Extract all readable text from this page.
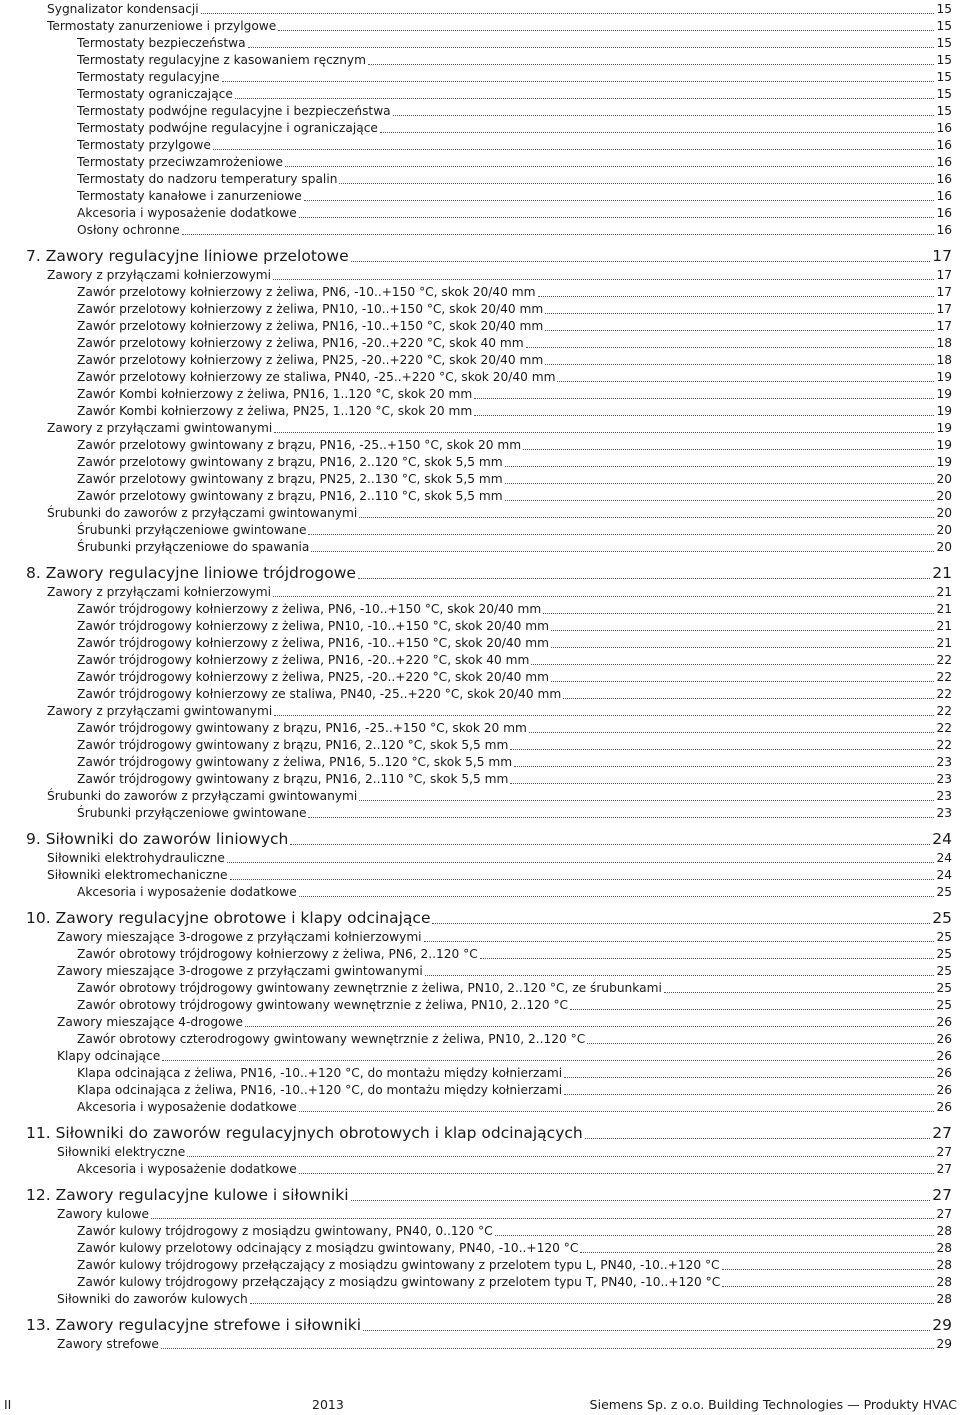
Sygnalizator kondensacji	15
Termostaty zanurzeniowe i przylgowe	15
Termostaty bezpieczeństwa	15
Termostaty regulacyjne z kasowaniem ręcznym	15
Termostaty regulacyjne	15
Termostaty ograniczające	15
Termostaty podwójne regulacyjne i bezpieczeństwa	15
Termostaty podwójne regulacyjne i ograniczające	16
Termostaty przylgowe	16
Termostaty przeciwzamrożeniowe	16
Termostaty do nadzoru temperatury spalin	16
Termostaty kanałowe i zanurzeniowe	16
Akcesoria i wyposażenie dodatkowe	16
Osłony ochronne	16
7. Zawory regulacyjne liniowe przelotowe	17
Zawory z przyłączami kołnierzowymi	17
Zawór przelotowy kołnierzowy z żeliwa, PN6, -10..+150 °C, skok 20/40 mm	17
Zawór przelotowy kołnierzowy z żeliwa, PN10, -10..+150 °C, skok 20/40 mm	17
Zawór przelotowy kołnierzowy z żeliwa, PN16, -10..+150 °C, skok 20/40 mm	17
Zawór przelotowy kołnierzowy z żeliwa, PN16, -20..+220 °C, skok 40 mm	18
Zawór przelotowy kołnierzowy z żeliwa, PN25, -20..+220 °C, skok 20/40 mm	18
Zawór przelotowy kołnierzowy ze staliwa, PN40, -25..+220 °C, skok 20/40 mm	19
Zawór Kombi kołnierzowy z żeliwa, PN16, 1..120 °C, skok 20 mm	19
Zawór Kombi kołnierzowy z żeliwa, PN25, 1..120 °C, skok 20 mm	19
Zawory z przyłączami gwintowanymi	19
Zawór przelotowy gwintowany z brązu, PN16, -25..+150 °C, skok 20 mm	19
Zawór przelotowy gwintowany z brązu, PN16, 2..120 °C, skok 5,5 mm	19
Zawór przelotowy gwintowany z brązu, PN25, 2..130 °C, skok 5,5 mm	20
Zawór przelotowy gwintowany z brązu, PN16, 2..110 °C, skok 5,5 mm	20
Śrubunki do zaworów z przyłączami gwintowanymi	20
Śrubunki przyłączeniowe gwintowane	20
Śrubunki przyłączeniowe do spawania	20
8. Zawory regulacyjne liniowe trójdrogowe	21
Zawory z przyłączami kołnierzowymi	21
Zawór trójdrogowy kołnierzowy z żeliwa, PN6, -10..+150 °C, skok 20/40 mm	21
Zawór trójdrogowy kołnierzowy z żeliwa, PN10, -10..+150 °C, skok 20/40 mm	21
Zawór trójdrogowy kołnierzowy z żeliwa, PN16, -10..+150 °C, skok 20/40 mm	21
Zawór trójdrogowy kołnierzowy z żeliwa, PN16, -20..+220 °C, skok 40 mm	22
Zawór trójdrogowy kołnierzowy z żeliwa, PN25, -20..+220 °C, skok 20/40 mm	22
Zawór trójdrogowy kołnierzowy ze staliwa, PN40, -25..+220 °C, skok 20/40 mm	22
Zawory z przyłączami gwintowanymi	22
Zawór trójdrogowy gwintowany z brązu, PN16, -25..+150 °C, skok 20 mm	22
Zawór trójdrogowy gwintowany z brązu, PN16, 2..120 °C, skok 5,5 mm	22
Zawór trójdrogowy gwintowany z żeliwa, PN16, 5..120 °C, skok 5,5 mm	23
Zawór trójdrogowy gwintowany z brązu, PN16, 2..110 °C, skok 5,5 mm	23
Śrubunki do zaworów z przyłączami gwintowanymi	23
Śrubunki przyłączeniowe gwintowane	23
9. Siłowniki do zaworów liniowych	24
Siłowniki elektrohydrauliczne	24
Siłowniki elektromechaniczne	24
Akcesoria i wyposażenie dodatkowe	25
10. Zawory regulacyjne obrotowe i klapy odcinające	25
Zawory mieszające 3-drogowe z przyłączami kołnierzowymi	25
Zawór obrotowy trójdrogowy kołnierzowy z żeliwa, PN6, 2..120 °C	25
Zawory mieszające 3-drogowe z przyłączami gwintowanymi	25
Zawór obrotowy trójdrogowy gwintowany zewnętrznie z żeliwa, PN10, 2..120 °C, ze śrubunkami	25
Zawór obrotowy trójdrogowy gwintowany wewnętrznie z żeliwa, PN10, 2..120 °C	25
Zawory mieszające 4-drogowe	26
Zawór obrotowy czterodrogowy gwintowany wewnętrznie z żeliwa, PN10, 2..120 °C	26
Klapy odcinające	26
Klapa odcinająca z żeliwa, PN16, -10..+120 °C, do montażu między kołnierzami	26
Klapa odcinająca z żeliwa, PN16, -10..+120 °C, do montażu między kołnierzami	26
Akcesoria i wyposażenie dodatkowe	26
11. Siłowniki do zaworów regulacyjnych obrotowych i klap odcinających	27
Siłowniki elektryczne	27
Akcesoria i wyposażenie dodatkowe	27
12. Zawory regulacyjne kulowe i siłowniki	27
Zawory kulowe	27
Zawór kulowy trójdrogowy z mosiądzu gwintowany, PN40, 0..120 °C	28
Zawór kulowy przelotowy odcinający z mosiądzu gwintowany, PN40, -10..+120 °C	28
Zawór kulowy trójdrogowy przełączający z mosiądzu gwintowany z przelotem typu L, PN40, -10..+120 °C	28
Zawór kulowy trójdrogowy przełączający z mosiądzu gwintowany z przelotem typu T, PN40, -10..+120 °C	28
Siłowniki do zaworów kulowych	28
13. Zawory regulacyjne strefowe i siłowniki	29
Zawory strefowe	29
II	2013	Siemens Sp. z o.o. Building Technologies — Produkty HVAC
